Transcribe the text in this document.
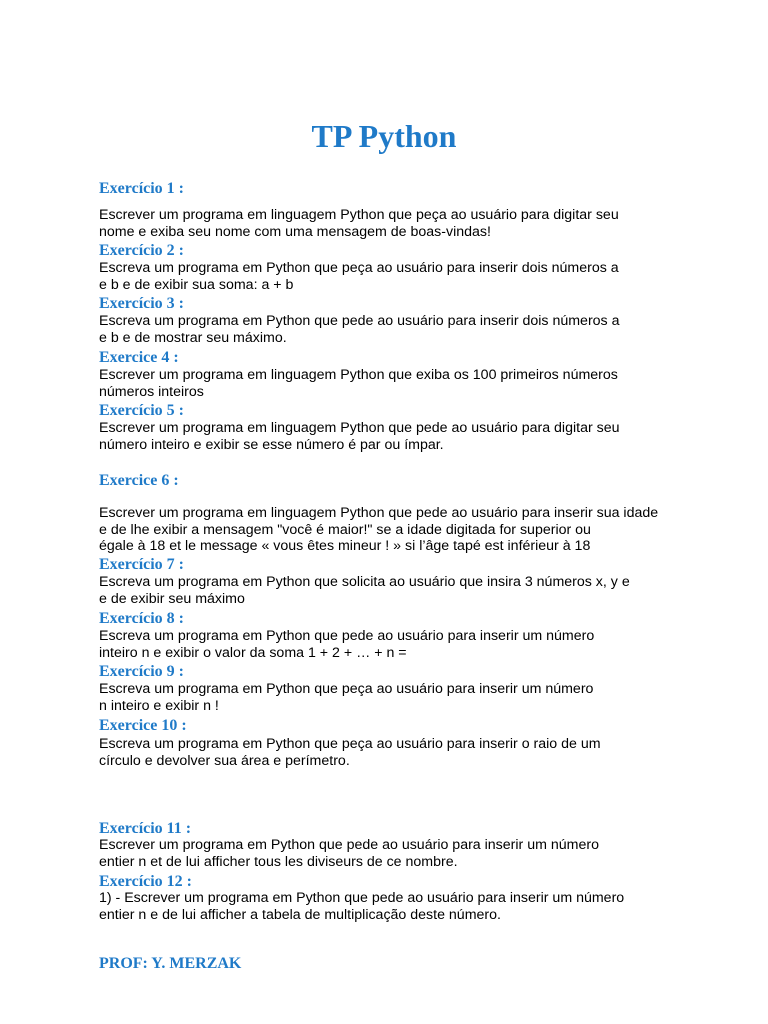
TP Python
Exercício 1 :
Escrever um programa em linguagem Python que peça ao usuário para digitar seu
nome e exiba seu nome com uma mensagem de boas-vindas!
Exercício 2 :
Escreva um programa em Python que peça ao usuário para inserir dois números a
e b e de exibir sua soma: a + b
Exercício 3 :
Escreva um programa em Python que pede ao usuário para inserir dois números a
e b e de mostrar seu máximo.
Exercice 4 :
Escrever um programa em linguagem Python que exiba os 100 primeiros números
números inteiros
Exercício 5 :
Escrever um programa em linguagem Python que pede ao usuário para digitar seu
número inteiro e exibir se esse número é par ou ímpar.
Exercice 6 :
Escrever um programa em linguagem Python que pede ao usuário para inserir sua idade
e de lhe exibir a mensagem "você é maior!" se a idade digitada for superior ou
égale à 18 et le message « vous êtes mineur ! » si l’âge tapé est inférieur à 18
Exercício 7 :
Escreva um programa em Python que solicita ao usuário que insira 3 números x, y e
e de exibir seu máximo
Exercício 8 :
Escreva um programa em Python que pede ao usuário para inserir um número
inteiro n e exibir o valor da soma 1 + 2 + … + n =
Exercício 9 :
Escreva um programa em Python que peça ao usuário para inserir um número
n inteiro e exibir n !
Exercice 10 :
Escreva um programa em Python que peça ao usuário para inserir o raio de um
círculo e devolver sua área e perímetro.
Exercício 11 :
Escrever um programa em Python que pede ao usuário para inserir um número
entier n et de lui afficher tous les diviseurs de ce nombre.
Exercício 12 :
1) - Escrever um programa em Python que pede ao usuário para inserir um número
entier n e de lui afficher a tabela de multiplicação deste número.
PROF: Y. MERZAK
